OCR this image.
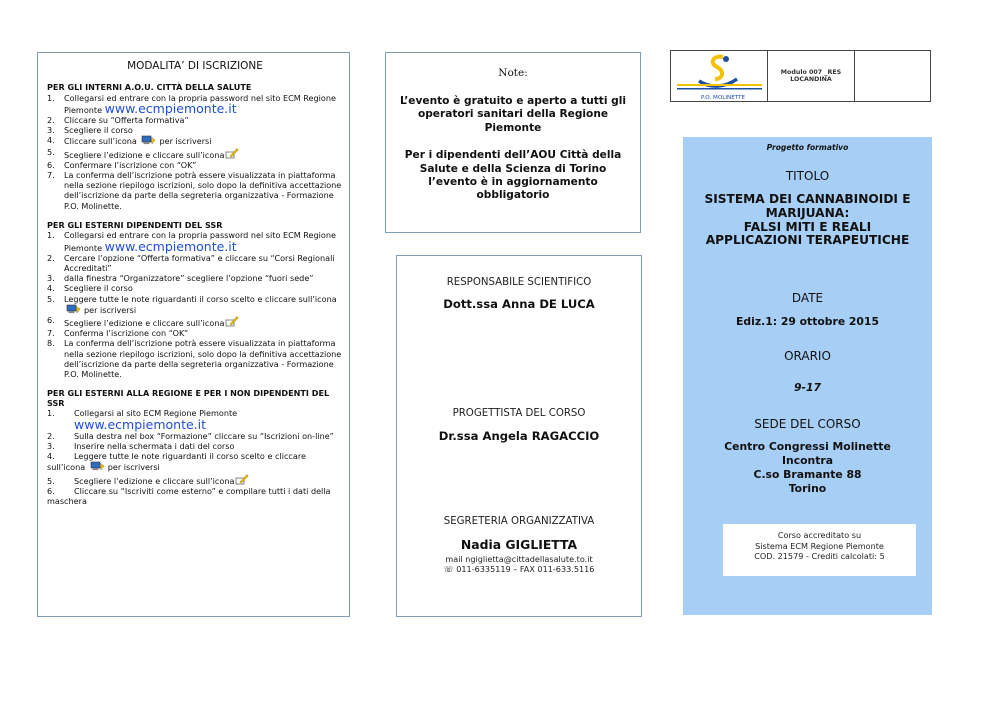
MODALITA’ DI ISCRIZIONE
PER GLI INTERNI A.O.U. CITTÀ DELLA SALUTE
1. Collegarsi ed entrare con la propria password nel sito ECM Regione Piemonte www.ecmpiemonte.it
2. Cliccare su “Offerta formativa”
3. Scegliere il corso
4. Cliccare sull’icona per iscriversi
5. Scegliere l’edizione e cliccare sull’icona
6. Confermare l’iscrizione con “OK”
7. La conferma dell’iscrizione potrà essere visualizzata in piattaforma nella sezione riepilogo iscrizioni, solo dopo la definitiva accettazione dell’iscrizione da parte della segreteria organizzativa - Formazione P.O. Molinette.
PER GLI ESTERNI DIPENDENTI DEL SSR
1. Collegarsi ed entrare con la propria password nel sito ECM Regione Piemonte www.ecmpiemonte.it
2. Cercare l’opzione “Offerta formativa” e cliccare su “Corsi Regionali Accreditati”
3. dalla finestra “Organizzatore” scegliere l’opzione “fuori sede”
4. Scegliere il corso
5. Leggere tutte le note riguardanti il corso scelto e cliccare sull’icona per iscriversi
6. Scegliere l’edizione e cliccare sull’icona
7. Conferma l’iscrizione con “OK”
8. La conferma dell’iscrizione potrà essere visualizzata in piattaforma nella sezione riepilogo iscrizioni, solo dopo la definitiva accettazione dell’iscrizione da parte della segreteria organizzativa - Formazione P.O. Molinette.
PER GLI ESTERNI ALLA REGIONE E PER I NON DIPENDENTI DEL SSR
1. Collegarsi al sito ECM Regione Piemonte
www.ecmpiemonte.it
2. Sulla destra nel box “Formazione” cliccare su “Iscrizioni on-line”
3. Inserire nella schermata i dati del corso
4. Leggere tutte le note riguardanti il corso scelto e cliccare sull’icona per iscriversi
5. Scegliere l’edizione e cliccare sull’icona
6. Cliccare su “Iscriviti come esterno” e compilare tutti i dati della maschera
Note:
L’evento è gratuito e aperto a tutti gli operatori sanitari della Regione Piemonte
Per i dipendenti dell’AOU Città della Salute e della Scienza di Torino l’evento è in aggiornamento obbligatorio
RESPONSABILE SCIENTIFICO
Dott.ssa Anna DE LUCA
PROGETTISTA DEL CORSO
Dr.ssa Angela RAGACCIO
SEGRETERIA ORGANIZZATIVA
Nadia GIGLIETTA
mail ngiglietta@cittadellasalute.to.it
☏ 011-6335119 – FAX 011-633.5116
P.O. MOLINETTE
Modulo 007 _RES
LOCANDINA
Progetto formativo
TITOLO
SISTEMA DEI CANNABINOIDI E
MARIJUANA:
FALSI MITI E REALI
APPLICAZIONI TERAPEUTICHE
DATE
Ediz.1: 29 ottobre 2015
ORARIO
9-17
SEDE DEL CORSO
Centro Congressi Molinette
Incontra
C.so Bramante 88
Torino
Corso accreditato su
Sistema ECM Regione Piemonte
COD. 21579 - Crediti calcolati: 5
